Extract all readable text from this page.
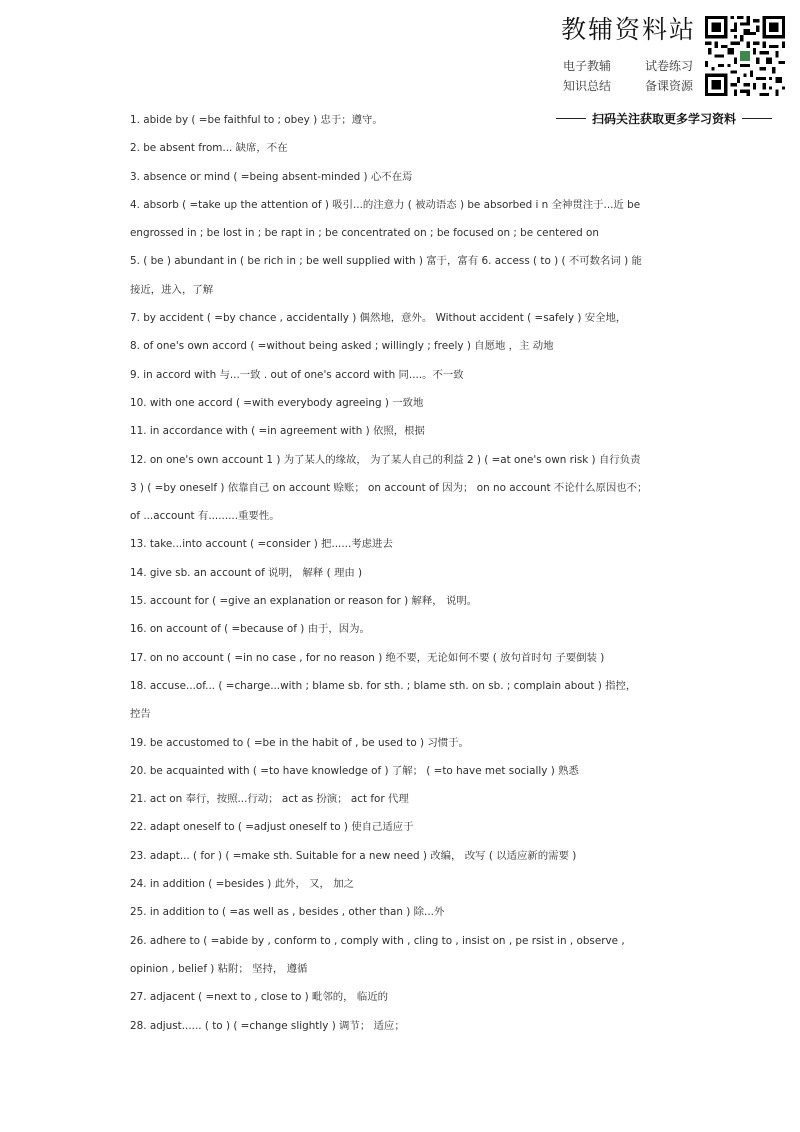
教辅资料站
电子教辅	试卷练习
知识总结	备课资源
扫码关注获取更多学习资料
1. abide by ( =be faithful to ; obey ) 忠于；遵守。
2. be absent from... 缺席，不在
3. absence or mind ( =being absent-minded ) 心不在焉
4. absorb ( =take up the attention of ) 吸引...的注意力 ( 被动语态 ) be absorbed i n 全神贯注于...近 be
engrossed in ; be lost in ; be rapt in ; be concentrated on ; be focused on ; be centered on
5. ( be ) abundant in ( be rich in ; be well supplied with ) 富于，富有 6. access ( to ) ( 不可数名词 ) 能
接近，进入，了解
7. by accident ( =by chance , accidentally ) 偶然地，意外。 Without accident ( =safely ) 安全地，
8. of one's own accord ( =without being asked ; willingly ; freely ) 自愿地 ，主 动地
9. in accord with 与...一致 . out of one's accord with 同....。不一致
10. with one accord ( =with everybody agreeing ) 一致地
11. in accordance with ( =in agreement with ) 依照，根据
12. on one's own account 1 ) 为了某人的缘故， 为了某人自己的利益 2 ) ( =at one's own risk ) 自行负责
3 ) ( =by oneself ) 依靠自己 on account 赊账； on account of 因为； on no account 不论什么原因也不；
of ...account 有.........重要性。
13. take...into account ( =consider ) 把......考虑进去
14. give sb. an account of 说明， 解释 ( 理由 )
15. account for ( =give an explanation or reason for ) 解释， 说明。
16. on account of ( =because of ) 由于，因为。
17. on no account ( =in no case , for no reason ) 绝不要，无论如何不要 ( 放句首时句 子要倒装 )
18. accuse...of... ( =charge...with ; blame sb. for sth. ; blame sth. on sb. ; complain about ) 指控，
控告
19. be accustomed to ( =be in the habit of , be used to ) 习惯于。
20. be acquainted with ( =to have knowledge of ) 了解； ( =to have met socially ) 熟悉
21. act on 奉行，按照...行动； act as 扮演； act for 代理
22. adapt oneself to ( =adjust oneself to ) 使自己适应于
23. adapt... ( for ) ( =make sth. Suitable for a new need ) 改编， 改写 ( 以适应新的需要 )
24. in addition ( =besides ) 此外， 又， 加之
25. in addition to ( =as well as , besides , other than ) 除...外
26. adhere to ( =abide by , conform to , comply with , cling to , insist on , pe rsist in , observe ,
opinion , belief ) 粘附； 坚持， 遵循
27. adjacent ( =next to , close to ) 毗邻的， 临近的
28. adjust...... ( to ) ( =change slightly ) 调节； 适应；
